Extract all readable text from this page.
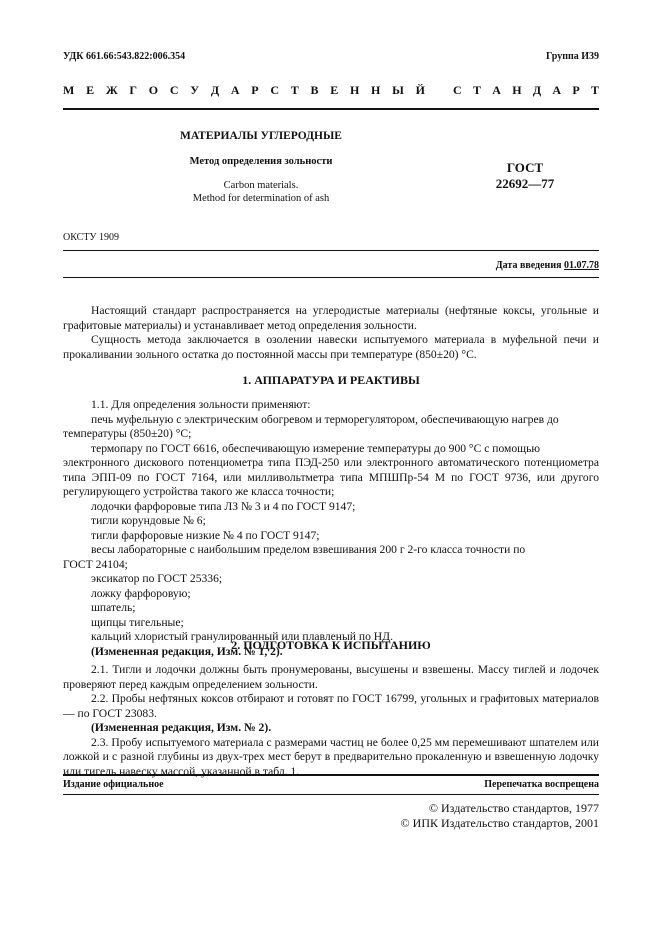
УДК 661.66:543.822:006.354	Группа И39
М Е Ж Г О С У Д А Р С Т В Е Н Н Ы Й С Т А Н Д А Р Т
МАТЕРИАЛЫ УГЛЕРОДНЫЕ
Метод определения зольности
Carbon materials.
Method for determination of ash
ГОСТ
22692—77
ОКСТУ 1909
Дата введения 01.07.78

Настоящий стандарт распространяется на углеродистые материалы (нефтяные коксы, угольные и графитовые материалы) и устанавливает метод определения зольности.

Сущность метода заключается в озолении навески испытуемого материала в муфельной печи и прокаливании зольного остатка до постоянной массы при температуре (850±20) °С.

1. АППАРАТУРА И РЕАКТИВЫ

1.1. Для определения зольности применяют:

печь муфельную с электрическим обогревом и терморегулятором, обеспечивающую нагрев до

температуры (850±20) °С;

термопару по ГОСТ 6616, обеспечивающую измерение температуры до 900 °С с помощью

электронного дискового потенциометра типа ПЭД-250 или электронного автоматического потенциометра типа ЭПП-09 по ГОСТ 7164, или милливольтметра типа МПШПр-54 М по ГОСТ 9736, или другого регулирующего устройства такого же класса точности;

лодочки фарфоровые типа ЛЗ № 3 и 4 по ГОСТ 9147;

тигли корундовые № 6;

тигли фарфоровые низкие № 4 по ГОСТ 9147;

весы лабораторные с наибольшим пределом взвешивания 200 г 2-го класса точности по

ГОСТ 24104;

эксикатор по ГОСТ 25336;

ложку фарфоровую;

шпатель;

щипцы тигельные;

кальций хлористый гранулированный или плавленый по НД.

(Измененная редакция, Изм. № 1, 2).

2. ПОДГОТОВКА К ИСПЫТАНИЮ

2.1. Тигли и лодочки должны быть пронумерованы, высушены и взвешены. Массу тиглей и лодочек проверяют перед каждым определением зольности.

2.2. Пробы нефтяных коксов отбирают и готовят по ГОСТ 16799, угольных и графитовых материалов — по ГОСТ 23083.

(Измененная редакция, Изм. № 2).

2.3. Пробу испытуемого материала с размерами частиц не более 0,25 мм перемешивают шпателем или ложкой и с разной глубины из двух-трех мест берут в предварительно прокаленную и взвешенную лодочку или тигель навеску массой, указанной в табл. 1.

Издание официальное	Перепечатка воспрещена
© Издательство стандартов, 1977
© ИПК Издательство стандартов, 2001
